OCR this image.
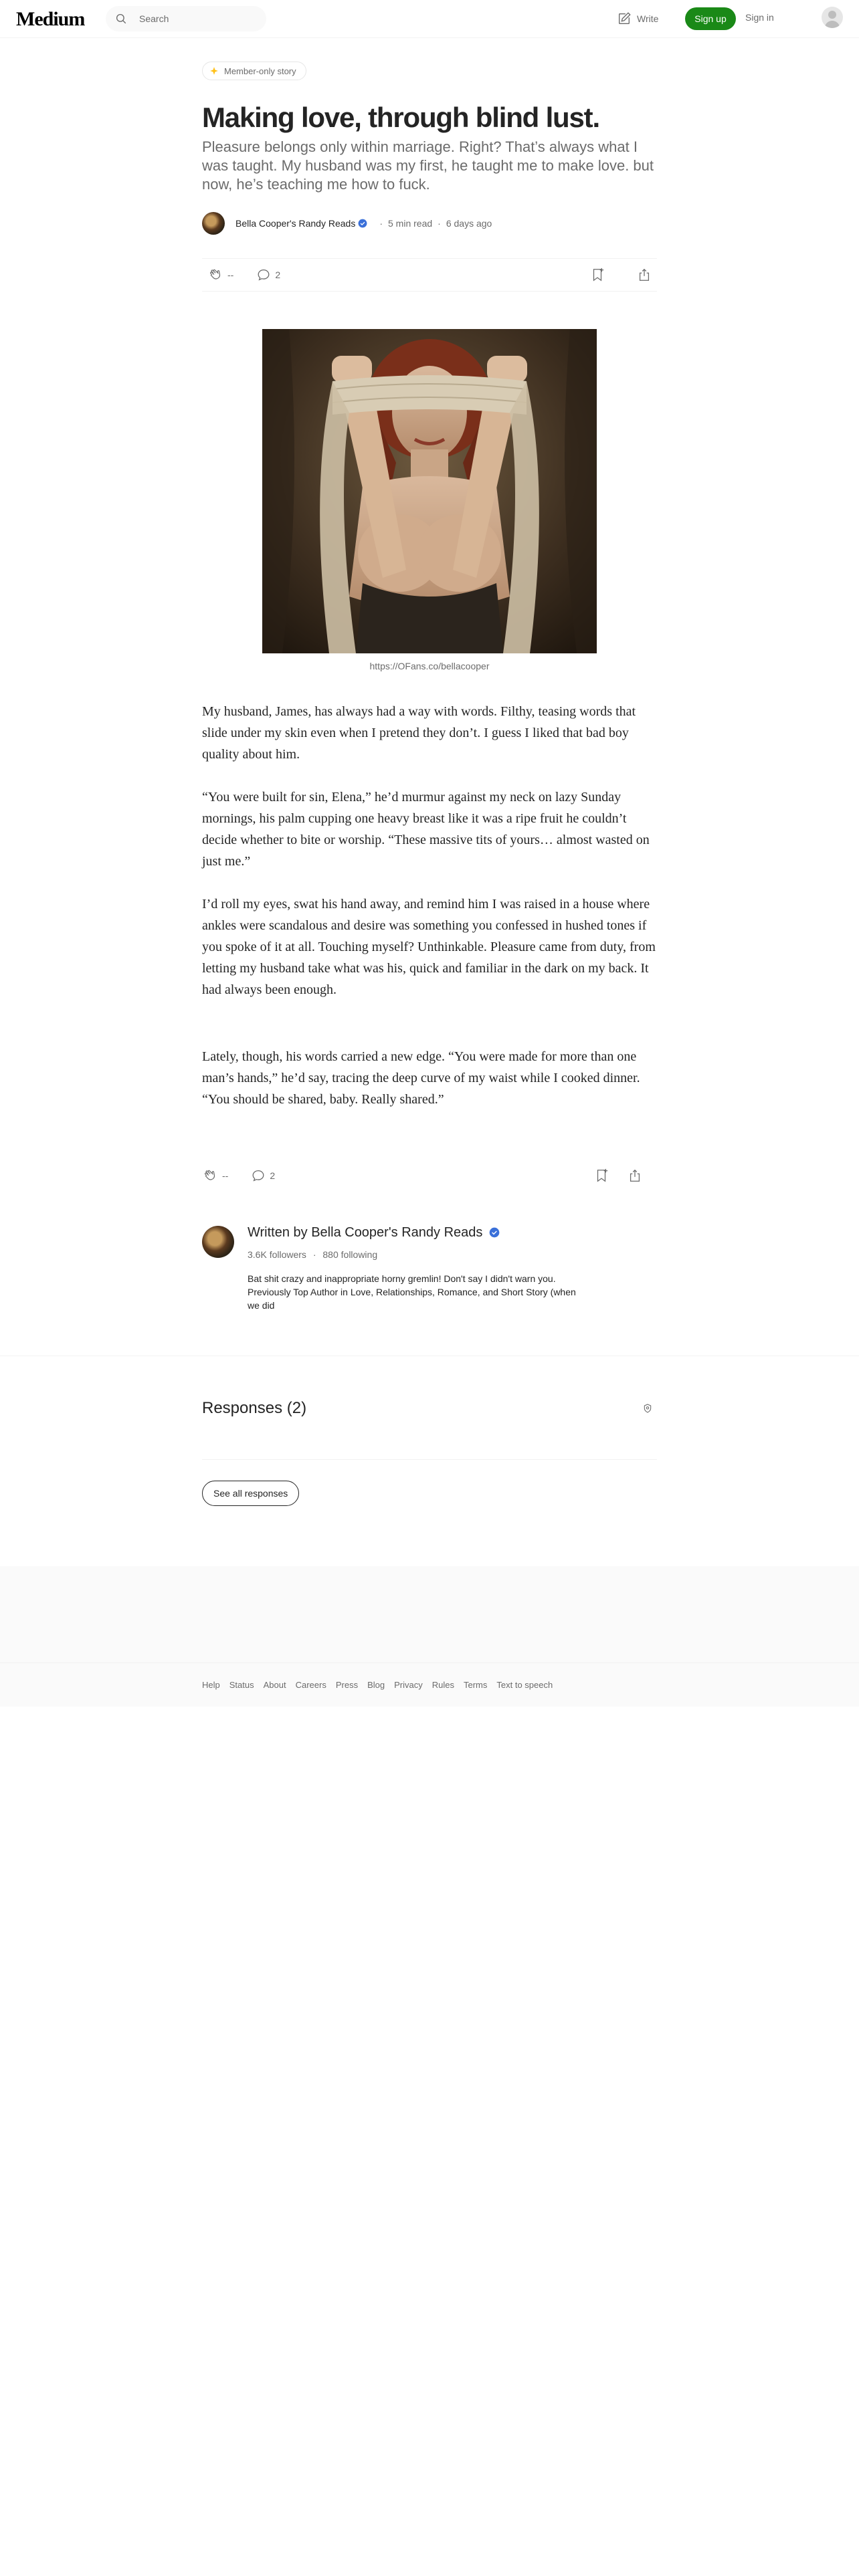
Medium	Search	Write	Sign up	Sign in
Member-only story
Making love, through blind lust.
Pleasure belongs only within marriage. Right? That’s always what I was taught. My husband was my first, he taught me to make love. but now, he’s teaching me how to fuck.
Bella Cooper's Randy Reads	· 5 min read · 6 days ago
--	2
https://OFans.co/bellacooper

My husband, James, has always had a way with words. Filthy, teasing words that slide under my skin even when I pretend they don’t. I guess I liked that bad boy quality about him.

“You were built for sin, Elena,” he’d murmur against my neck on lazy Sunday mornings, his palm cupping one heavy breast like it was a ripe fruit he couldn’t decide whether to bite or worship. “These massive tits of yours… almost wasted on just me.”

I’d roll my eyes, swat his hand away, and remind him I was raised in a house where ankles were scandalous and desire was something you confessed in hushed tones if you spoke of it at all. Touching myself? Unthinkable. Pleasure came from duty, from letting my husband take what was his, quick and familiar in the dark on my back. It had always been enough.

Lately, though, his words carried a new edge. “You were made for more than one man’s hands,” he’d say, tracing the deep curve of my waist while I cooked dinner. “You should be shared, baby. Really shared.”

--	2
Written by Bella Cooper's Randy Reads
3.6K followers · 880 following
Bat shit crazy and inappropriate horny gremlin! Don't say I didn't warn you. Previously Top Author in Love, Relationships, Romance, and Short Story (when we did
Responses (2)
See all responses
Help Status About Careers Press Blog Privacy Rules Terms Text to speech
